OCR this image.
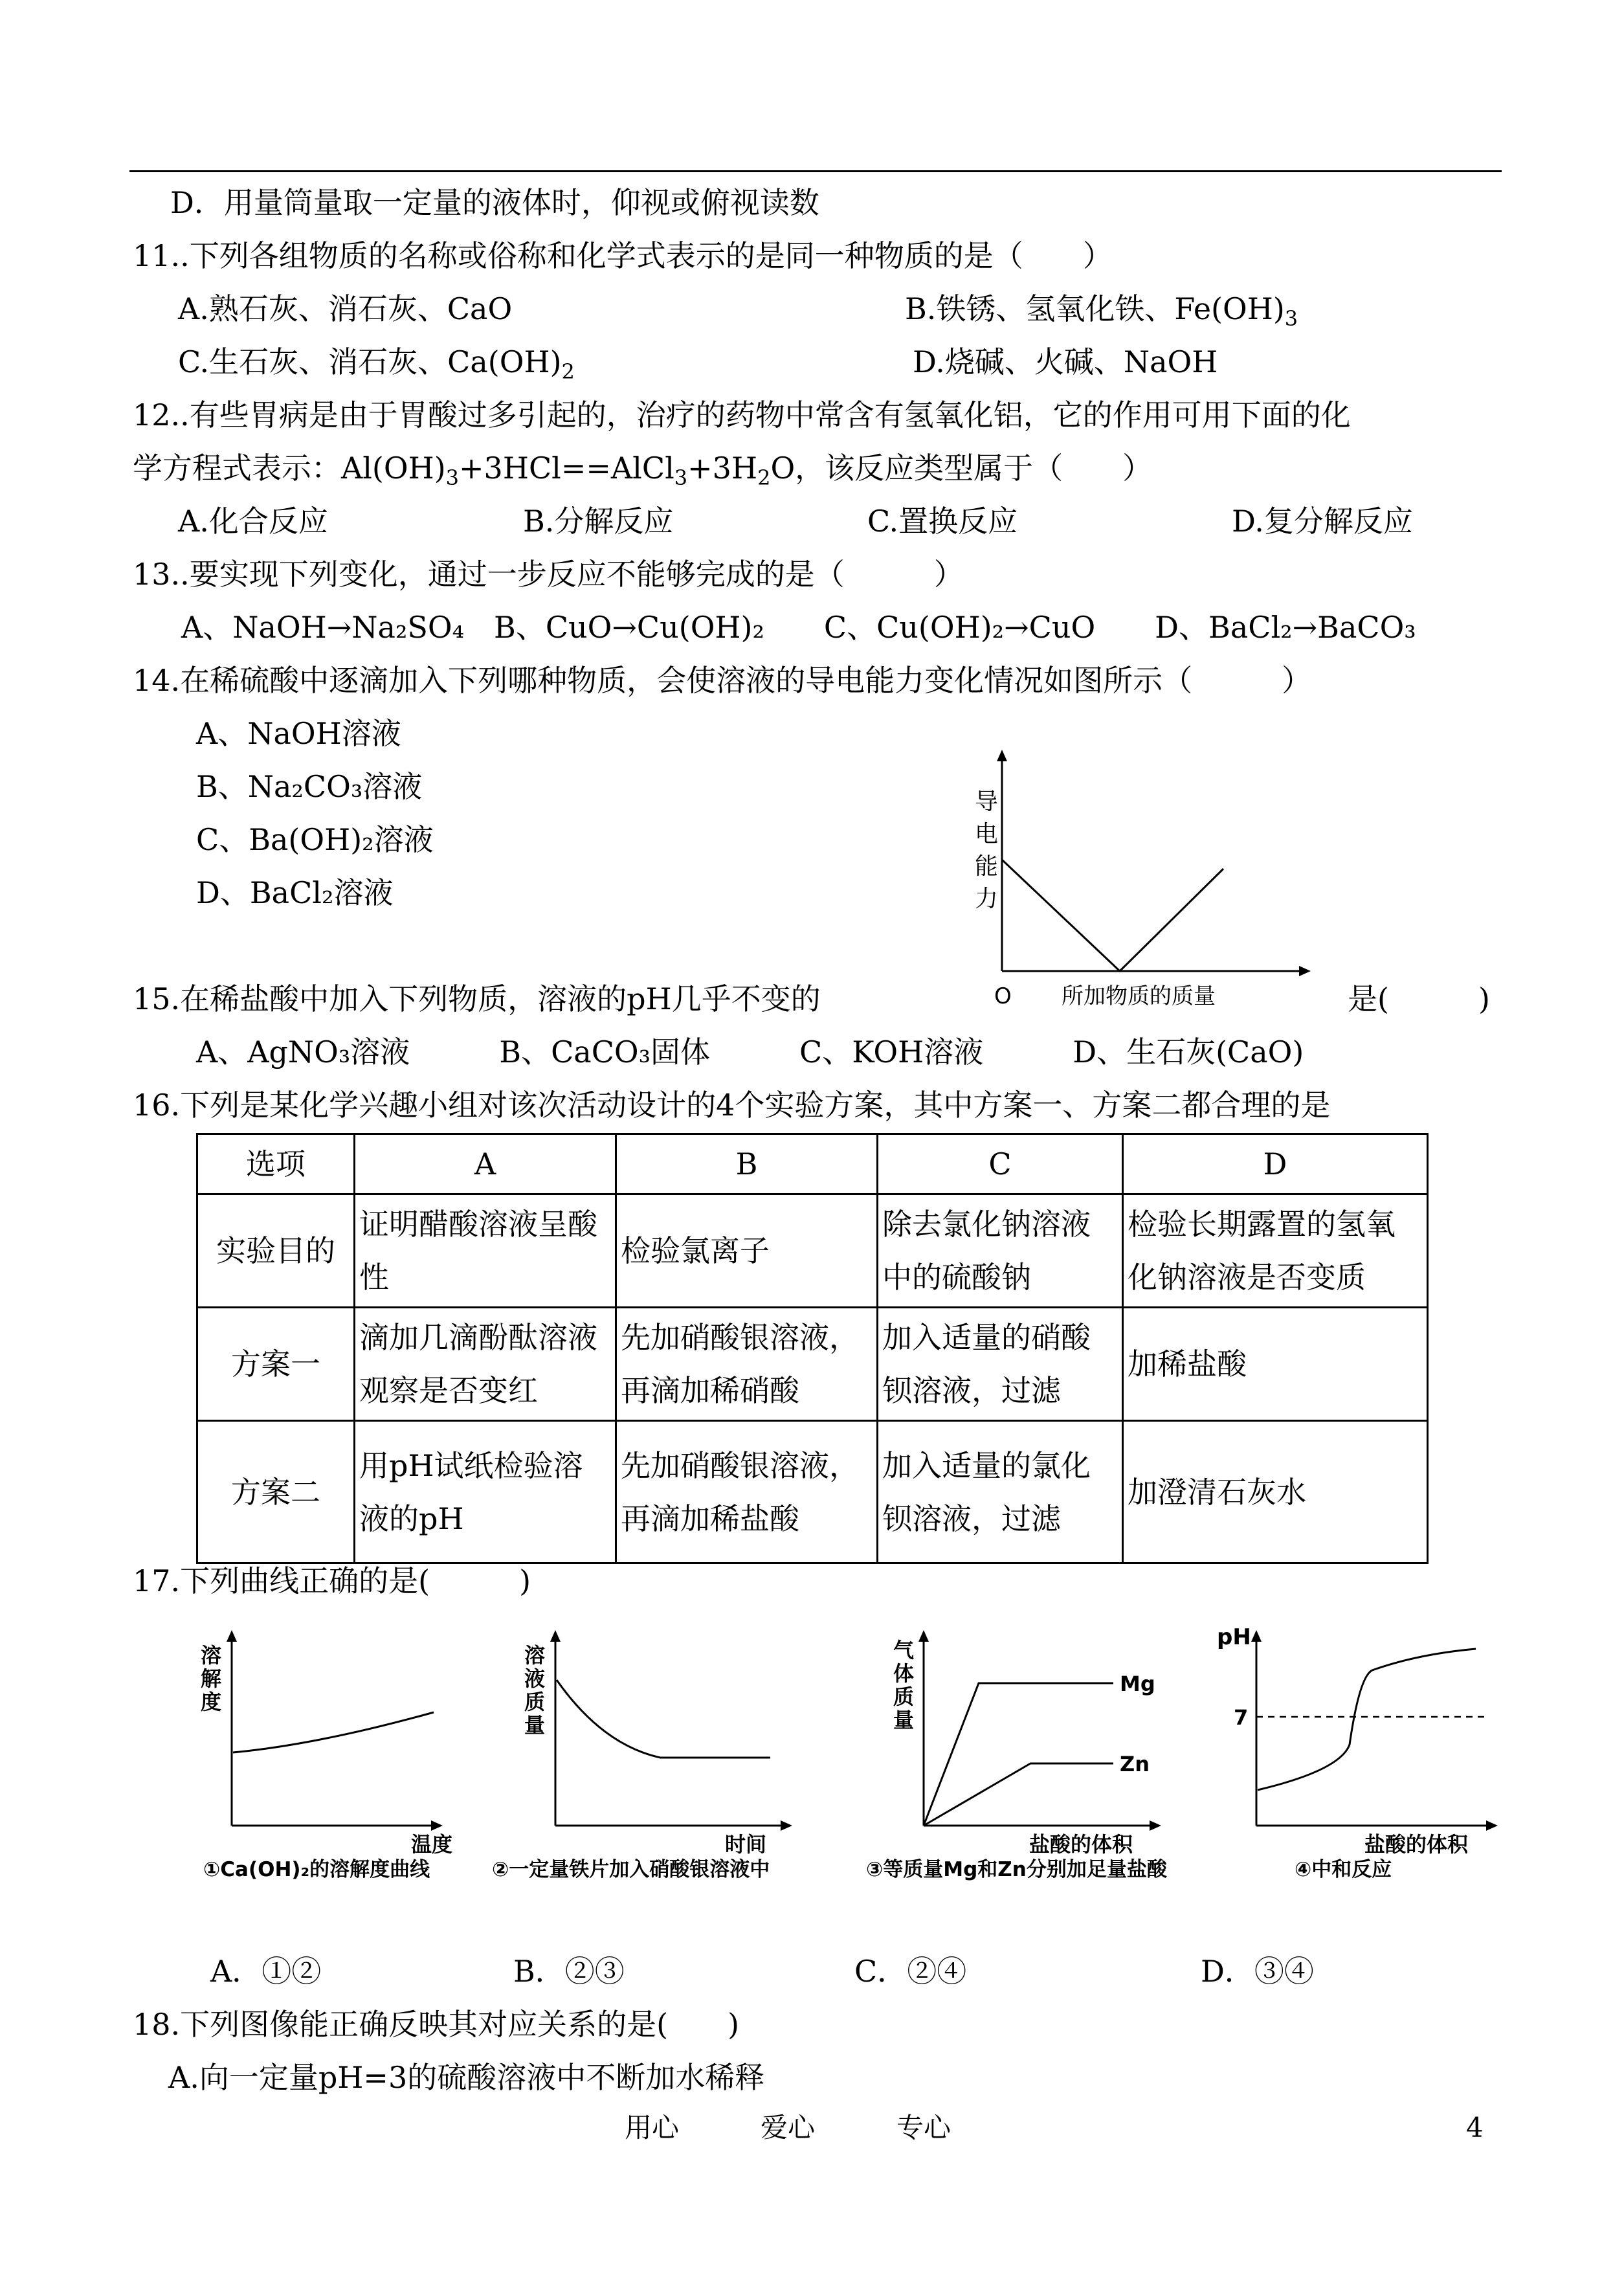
D．用量筒量取一定量的液体时，仰视或俯视读数
11..下列各组物质的名称或俗称和化学式表示的是同一种物质的是（　　）
A.熟石灰、消石灰、CaO	B.铁锈、氢氧化铁、$Fe(OH)_3$
C.生石灰、消石灰、$Ca(OH)_2$	D.烧碱、火碱、NaOH
12..有些胃病是由于胃酸过多引起的，治疗的药物中常含有氢氧化铝，它的作用可用下面的化
学方程式表示：$Al(OH)_3+3HCl==AlCl_3+3H_2O$，该反应类型属于（　　）
A.化合反应	B.分解反应	C.置换反应	D.复分解反应
13..要实现下列变化，通过一步反应不能够完成的是（　　　）
A、NaOH→Na₂SO₄　B、CuO→Cu(OH)₂　　C、Cu(OH)₂→CuO　　D、BaCl₂→BaCO₃
14.在稀硫酸中逐滴加入下列哪种物质，会使溶液的导电能力变化情况如图所示（　　　）
A、NaOH溶液
B、Na₂CO₃溶液
C、Ba(OH)₂溶液
D、BaCl₂溶液
导
电
能
力
O 所加物质的质量
15.在稀盐酸中加入下列物质，溶液的pH几乎不变的	是(　　　)
A、AgNO₃溶液　　　B、CaCO₃固体　　　C、KOH溶液　　　D、生石灰(CaO)
16.下列是某化学兴趣小组对该次活动设计的4个实验方案，其中方案一、方案二都合理的是
选项	A	B	C	D
实验目的	证明醋酸溶液呈酸性	检验氯离子	除去氯化钠溶液中的硫酸钠	检验长期露置的氢氧化钠溶液是否变质
方案一	滴加几滴酚酞溶液观察是否变红	先加硝酸银溶液，再滴加稀硝酸	加入适量的硝酸钡溶液，过滤	加稀盐酸
方案二	用pH试纸检验溶液的pH	先加硝酸银溶液，再滴加稀盐酸	加入适量的氯化钡溶液，过滤	加澄清石灰水
17.下列曲线正确的是(　　　)
溶
解
度
温度
①Ca(OH)₂的溶解度曲线
溶
液
质
量
时间
②一定量铁片加入硝酸银溶液中
Mg
Zn
气
体
质
量
盐酸的体积
③等质量Mg和Zn分别加足量盐酸
pH
7
盐酸的体积
④中和反应
A．①②	B．②③	C．②④	D．③④
18.下列图像能正确反映其对应关系的是(　　)
A.向一定量pH=3的硫酸溶液中不断加水稀释
用心　　　爱心　　　专心	4
